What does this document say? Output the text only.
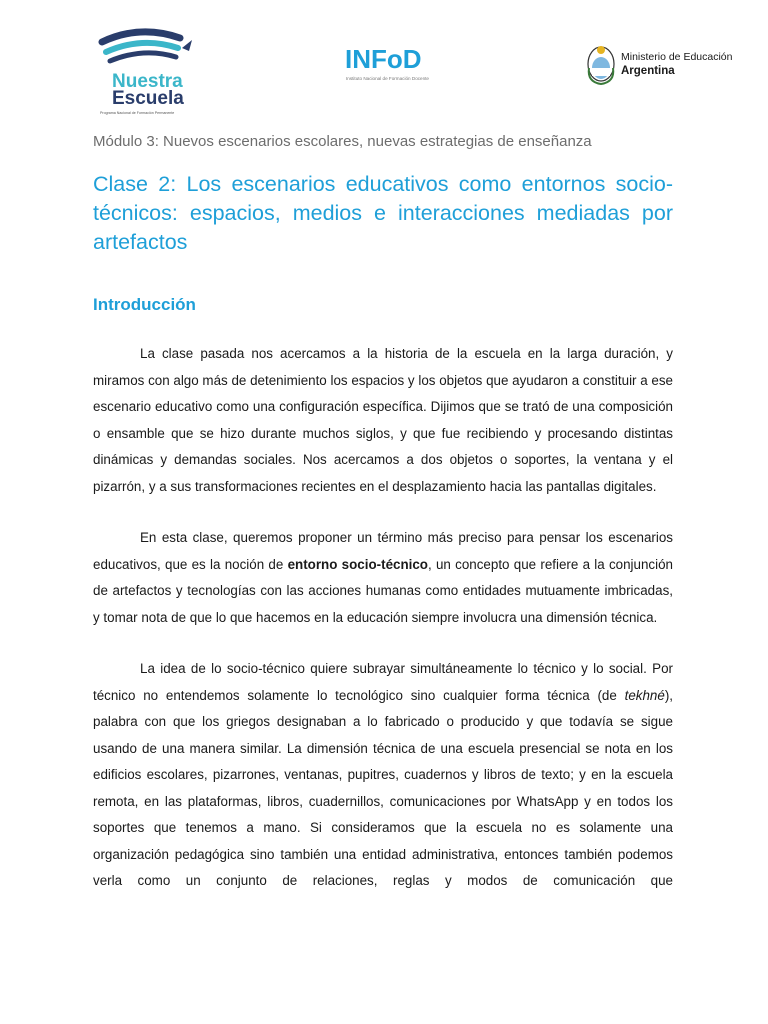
Nuestra
Escuela
Programa Nacional de Formación Permanente
INFoD
Instituto Nacional de Formación Docente
Ministerio de Educación
Argentina
Módulo 3: Nuevos escenarios escolares, nuevas estrategias de enseñanza
Clase 2: Los escenarios educativos como entornos socio-técnicos: espacios, medios e interacciones mediadas por artefactos
Introducción

La clase pasada nos acercamos a la historia de la escuela en la larga duración, y miramos con algo más de detenimiento los espacios y los objetos que ayudaron a constituir a ese escenario educativo como una configuración específica. Dijimos que se trató de una composición o ensamble que se hizo durante muchos siglos, y que fue recibiendo y procesando distintas dinámicas y demandas sociales. Nos acercamos a dos objetos o soportes, la ventana y el pizarrón, y a sus transformaciones recientes en el desplazamiento hacia las pantallas digitales.

En esta clase, queremos proponer un término más preciso para pensar los escenarios educativos, que es la noción de entorno socio-técnico, un concepto que refiere a la conjunción de artefactos y tecnologías con las acciones humanas como entidades mutuamente imbricadas, y tomar nota de que lo que hacemos en la educación siempre involucra una dimensión técnica.

La idea de lo socio-técnico quiere subrayar simultáneamente lo técnico y lo social. Por técnico no entendemos solamente lo tecnológico sino cualquier forma técnica (de tekhné), palabra con que los griegos designaban a lo fabricado o producido y que todavía se sigue usando de una manera similar. La dimensión técnica de una escuela presencial se nota en los edificios escolares, pizarrones, ventanas, pupitres, cuadernos y libros de texto; y en la escuela remota, en las plataformas, libros, cuadernillos, comunicaciones por WhatsApp y en todos los soportes que tenemos a mano. Si consideramos que la escuela no es solamente una organización pedagógica sino también una entidad administrativa, entonces también podemos verla como un conjunto de relaciones, reglas y modos de comunicación que
